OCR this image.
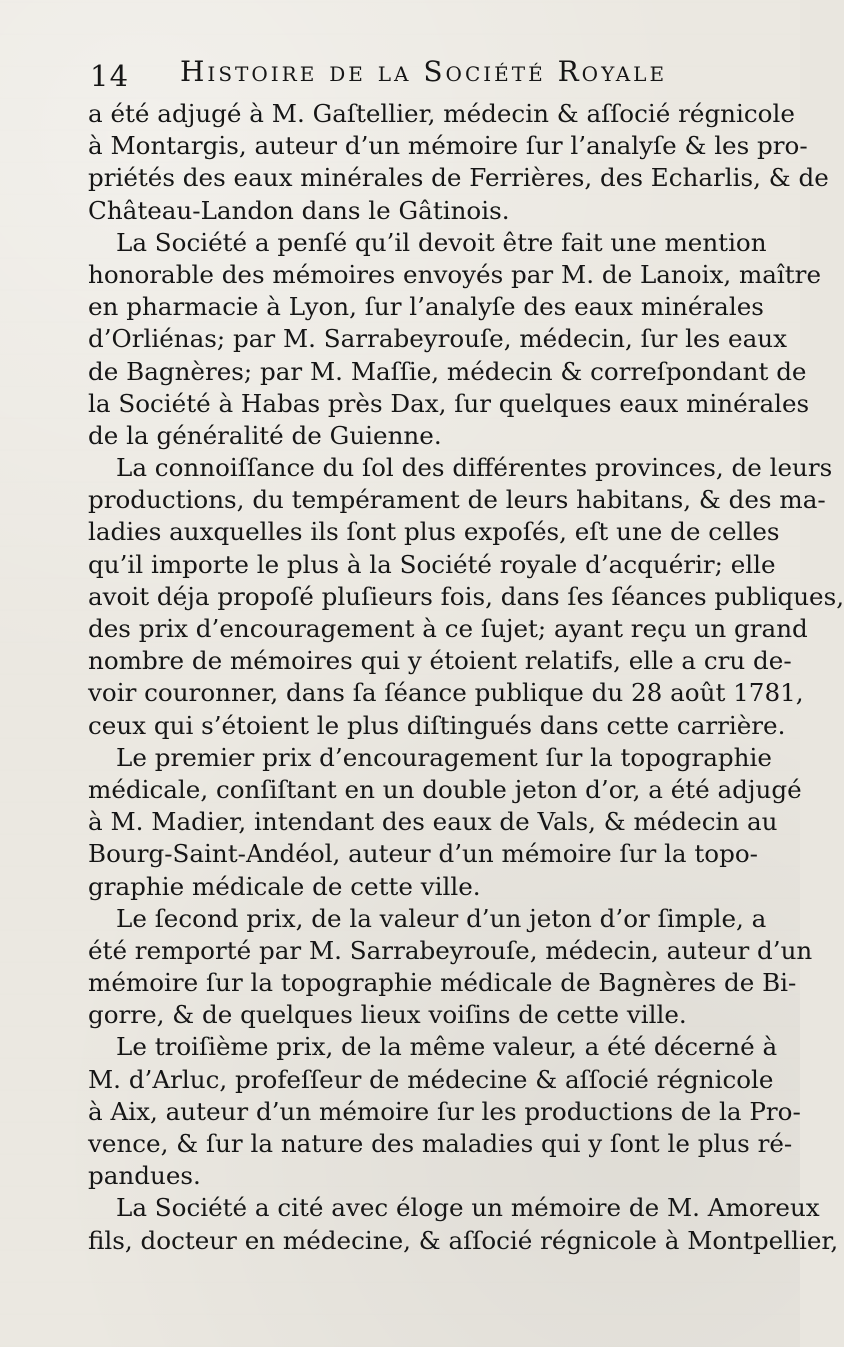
14 Histoire de la Société Royale
a été adjugé à M. Gaſtellier, médecin & aſſocié régnicole
à Montargis, auteur d’un mémoire ſur l’analyſe & les pro-
priétés des eaux minérales de Ferrières, des Echarlis, & de
Château-Landon dans le Gâtinois.
La Société a penſé qu’il devoit être fait une mention
honorable des mémoires envoyés par M. de Lanoix, maître
en pharmacie à Lyon, ſur l’analyſe des eaux minérales
d’Orliénas; par M. Sarrabeyrouſe, médecin, ſur les eaux
de Bagnères; par M. Maſſie, médecin & correſpondant de
la Société à Habas près Dax, ſur quelques eaux minérales
de la généralité de Guienne.
La connoiſſance du ſol des différentes provinces, de leurs
productions, du tempérament de leurs habitans, & des ma-
ladies auxquelles ils ſont plus expoſés, eſt une de celles
qu’il importe le plus à la Société royale d’acquérir; elle
avoit déja propoſé pluſieurs fois, dans ſes ſéances publiques,
des prix d’encouragement à ce ſujet; ayant reçu un grand
nombre de mémoires qui y étoient relatifs, elle a cru de-
voir couronner, dans ſa ſéance publique du 28 août 1781,
ceux qui s’étoient le plus diſtingués dans cette carrière.
Le premier prix d’encouragement ſur la topographie
médicale, conſiſtant en un double jeton d’or, a été adjugé
à M. Madier, intendant des eaux de Vals, & médecin au
Bourg-Saint-Andéol, auteur d’un mémoire ſur la topo-
graphie médicale de cette ville.
Le ſecond prix, de la valeur d’un jeton d’or ſimple, a
été remporté par M. Sarrabeyrouſe, médecin, auteur d’un
mémoire ſur la topographie médicale de Bagnères de Bi-
gorre, & de quelques lieux voiſins de cette ville.
Le troiſième prix, de la même valeur, a été décerné à
M. d’Arluc, profeſſeur de médecine & aſſocié régnicole
à Aix, auteur d’un mémoire ſur les productions de la Pro-
vence, & ſur la nature des maladies qui y ſont le plus ré-
pandues.
La Société a cité avec éloge un mémoire de M. Amoreux
fils, docteur en médecine, & aſſocié régnicole à Montpellier,
